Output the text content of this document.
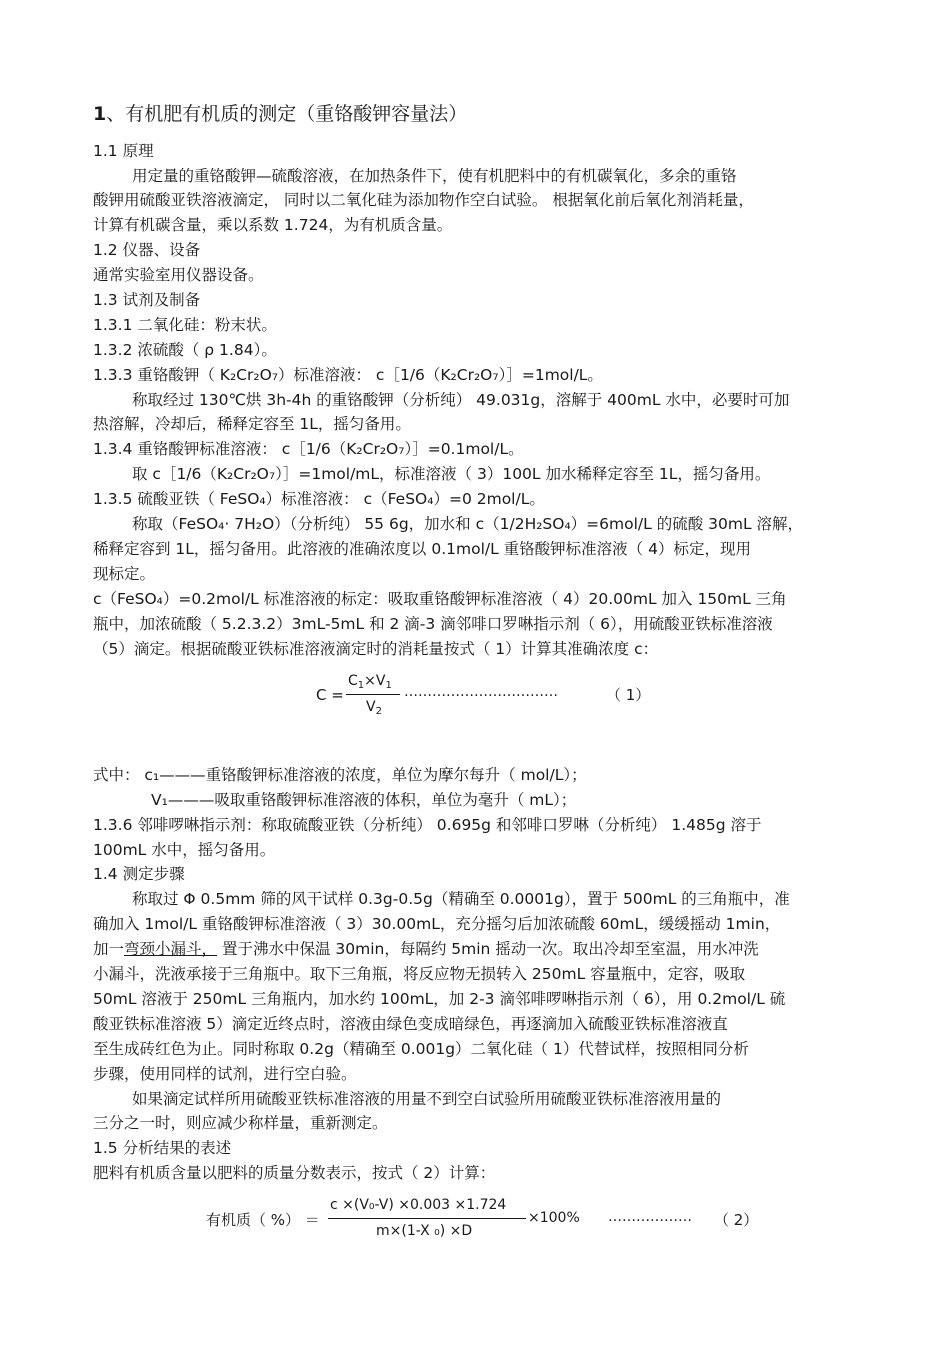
1、有机肥有机质的测定（重铬酸钾容量法）
1.1 原理
用定量的重铬酸钾—硫酸溶液，在加热条件下，使有机肥料中的有机碳氧化，多余的重铬
酸钾用硫酸亚铁溶液滴定， 同时以二氧化硅为添加物作空白试验。 根据氧化前后氧化剂消耗量，
计算有机碳含量，乘以系数 1.724，为有机质含量。
1.2 仪器、设备
通常实验室用仪器设备。
1.3 试剂及制备
1.3.1 二氧化硅：粉末状。
1.3.2 浓硫酸（ ρ 1.84）。
1.3.3 重铬酸钾（ K₂Cr₂O₇）标准溶液： c［1/6（K₂Cr₂O₇）］=1mol/L。
称取经过 130℃烘 3h-4h 的重铬酸钾（分析纯） 49.031g，溶解于 400mL 水中，必要时可加
热溶解，冷却后，稀释定容至 1L，摇匀备用。
1.3.4 重铬酸钾标准溶液： c［1/6（K₂Cr₂O₇）］=0.1mol/L。
取 c［1/6（K₂Cr₂O₇）］=1mol/mL，标准溶液（ 3）100L 加水稀释定容至 1L，摇匀备用。
1.3.5 硫酸亚铁（ FeSO₄）标准溶液： c（FeSO₄）=0 2mol/L。
称取（FeSO₄· 7H₂O）（分析纯） 55 6g，加水和 c（1/2H₂SO₄）=6mol/L 的硫酸 30mL 溶解，
稀释定容到 1L，摇匀备用。此溶液的准确浓度以 0.1mol/L 重铬酸钾标准溶液（ 4）标定，现用
现标定。
c（FeSO₄）=0.2mol/L 标准溶液的标定：吸取重铬酸钾标准溶液（ 4）20.00mL 加入 150mL 三角
瓶中，加浓硫酸（ 5.2.3.2）3mL-5mL 和 2 滴-3 滴邻啡口罗啉指示剂（ 6），用硫酸亚铁标准溶液
（5）滴定。根据硫酸亚铁标准溶液滴定时的消耗量按式（ 1）计算其准确浓度 c：
C =
$C_1\times V_1$
$V_2$
……………………………	（ 1）
式中： c₁———重铬酸钾标准溶液的浓度，单位为摩尔每升（ mol/L）；
V₁———吸取重铬酸钾标准溶液的体积，单位为毫升（ mL）；
1.3.6 邻啡啰啉指示剂：称取硫酸亚铁（分析纯） 0.695g 和邻啡口罗啉（分析纯） 1.485g 溶于
100mL 水中，摇匀备用。
1.4 测定步骤
称取过 Φ 0.5mm 筛的风干试样 0.3g-0.5g（精确至 0.0001g），置于 500mL 的三角瓶中，准
确加入 1mol/L 重铬酸钾标准溶液（ 3）30.00mL，充分摇匀后加浓硫酸 60mL，缓缓摇动 1min，
加一弯颈小漏斗， 置于沸水中保温 30min，每隔约 5min 摇动一次。取出冷却至室温，用水冲洗
小漏斗，洗液承接于三角瓶中。取下三角瓶，将反应物无损转入 250mL 容量瓶中，定容，吸取
50mL 溶液于 250mL 三角瓶内，加水约 100mL，加 2-3 滴邻啡啰啉指示剂（ 6），用 0.2mol/L 硫
酸亚铁标准溶液 5）滴定近终点时，溶液由绿色变成暗绿色，再逐滴加入硫酸亚铁标准溶液直
至生成砖红色为止。同时称取 0.2g（精确至 0.001g）二氧化硅（ 1）代替试样，按照相同分析
步骤，使用同样的试剂，进行空白验。
如果滴定试样所用硫酸亚铁标准溶液的用量不到空白试验所用硫酸亚铁标准溶液用量的
三分之一时，则应减少称样量，重新测定。
1.5 分析结果的表述
肥料有机质含量以肥料的质量分数表示，按式（ 2）计算：
有机质（ %） ＝
c ×(V₀-V) ×0.003 ×1.724
m×(1-X ₀) ×D
×100% ……………… （ 2）
